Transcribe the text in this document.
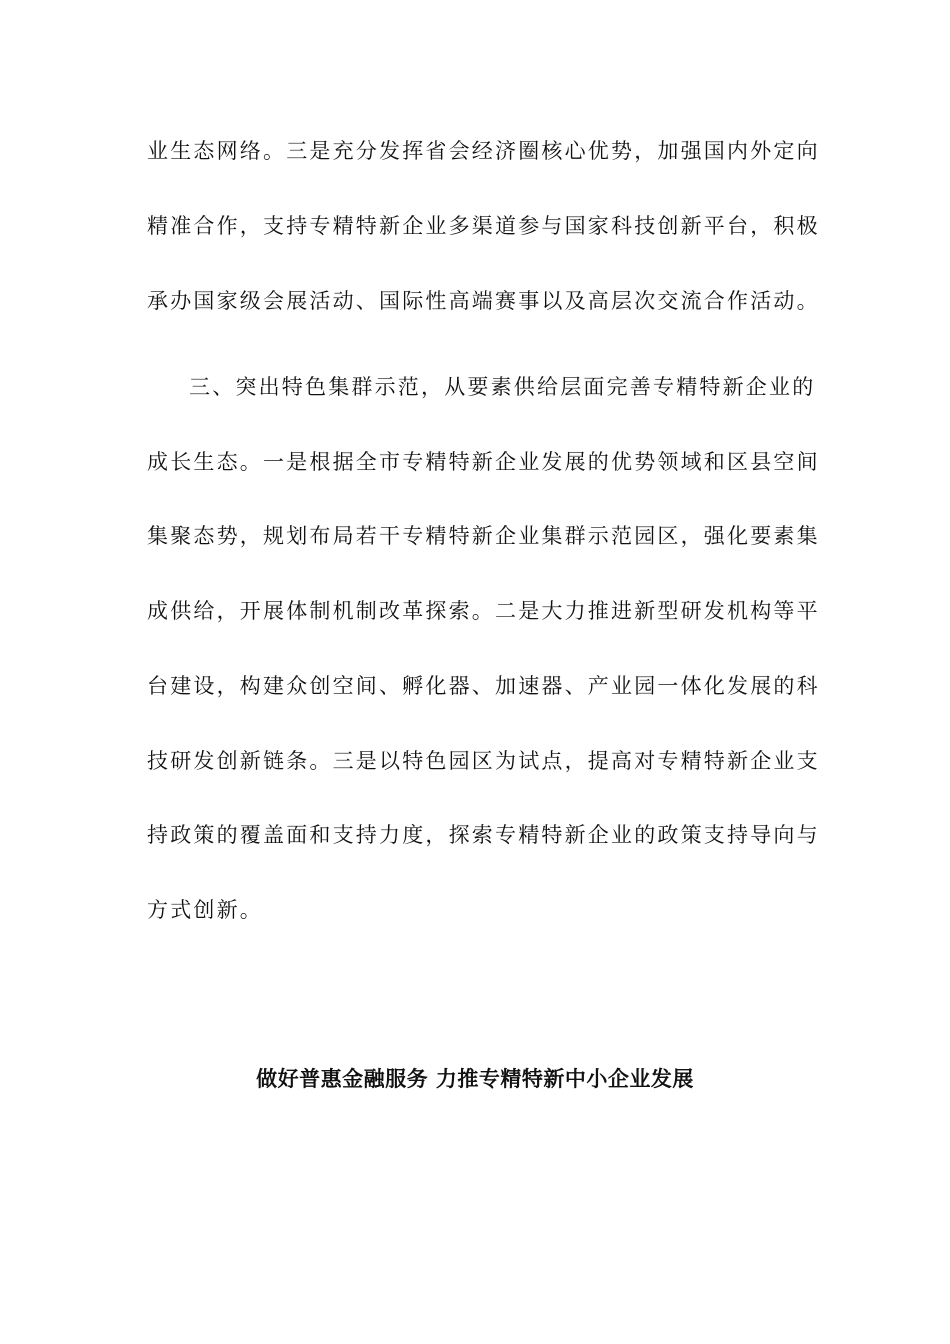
业生态网络。三是充分发挥省会经济圈核心优势，加强国内外定向
精准合作，支持专精特新企业多渠道参与国家科技创新平台，积极
承办国家级会展活动、国际性高端赛事以及高层次交流合作活动。
三、突出特色集群示范，从要素供给层面完善专精特新企业的
成长生态。一是根据全市专精特新企业发展的优势领域和区县空间
集聚态势，规划布局若干专精特新企业集群示范园区，强化要素集
成供给，开展体制机制改革探索。二是大力推进新型研发机构等平
台建设，构建众创空间、孵化器、加速器、产业园一体化发展的科
技研发创新链条。三是以特色园区为试点，提高对专精特新企业支
持政策的覆盖面和支持力度，探索专精特新企业的政策支持导向与
方式创新。
做好普惠金融服务 力推专精特新中小企业发展
